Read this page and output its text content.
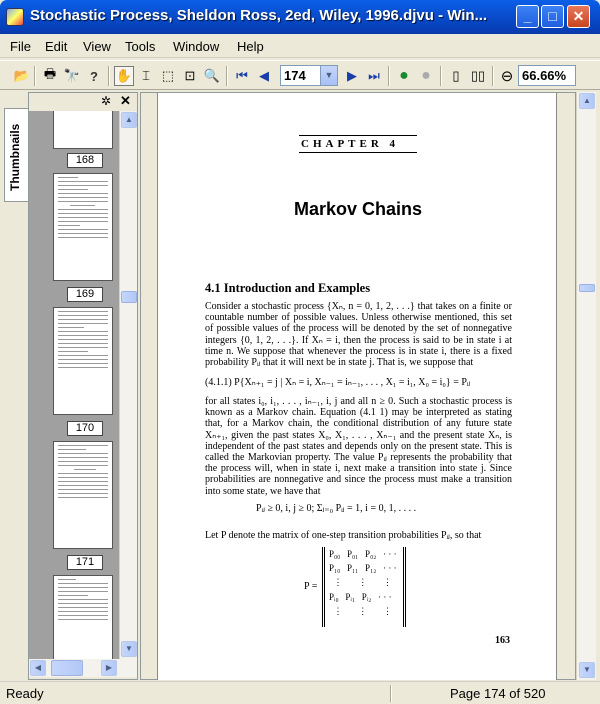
Stochastic Process, Sheldon Ross, 2ed, Wiley, 1996.djvu - Win...	_	□	✕
File Edit View Tools Window Help
📂 🖶 🔭 ?	✋ ⌶ ⬚ ⊡ 🔍	⏮ ◀	▶ ⏭	● ●	▯ ▯▯ ⊖
174
▼	66.66%
Thumbnails
✲ ✕
168
169
170
171
▲
▼
◀	▶
CHAPTER 4
Markov Chains
4.1 Introduction and Examples
Consider a stochastic process {Xₙ, n = 0, 1, 2, . . .} that takes on a finite or countable number of possible values. Unless otherwise mentioned, this set of possible values of the process will be denoted by the set of nonnegative integers {0, 1, 2, . . .}. If Xₙ = i, then the process is said to be in state i at time n. We suppose that whenever the process is in state i, there is a fixed probability Pᵢⱼ that it will next be in state j. That is, we suppose that
(4.1.1) P{Xₙ₊₁ = j | Xₙ = i, Xₙ₋₁ = iₙ₋₁, . . . , X₁ = i₁, X₀ = i₀} = Pᵢⱼ
for all states i₀, i₁, . . . , iₙ₋₁, i, j and all n ≥ 0. Such a stochastic process is known as a Markov chain. Equation (4.1 1) may be interpreted as stating that, for a Markov chain, the conditional distribution of any future state Xₙ₊₁, given the past states X₀, X₁, . . . , Xₙ₋₁ and the present state Xₙ, is independent of the past states and depends only on the present state. This is called the Markovian property. The value Pᵢⱼ represents the probability that the process will, when in state i, next make a transition into state j. Since probabilities are nonnegative and since the process must make a transition into some state, we have that
Pᵢⱼ ≥ 0, i, j ≥ 0; Σⱼ₌₀ Pᵢⱼ = 1, i = 0, 1, . . . .
Let P denote the matrix of one-step transition probabilities Pᵢⱼ, so that
P =
P₀₀   P₀₁   P₀₂   · · ·
P₁₀   P₁₁   P₁₂   · · ·
⋮       ⋮       ⋮
Pᵢ₀   Pᵢ₁   Pᵢ₂   · · ·
⋮       ⋮       ⋮
163
▲
▼
Ready	Page 174 of 520
